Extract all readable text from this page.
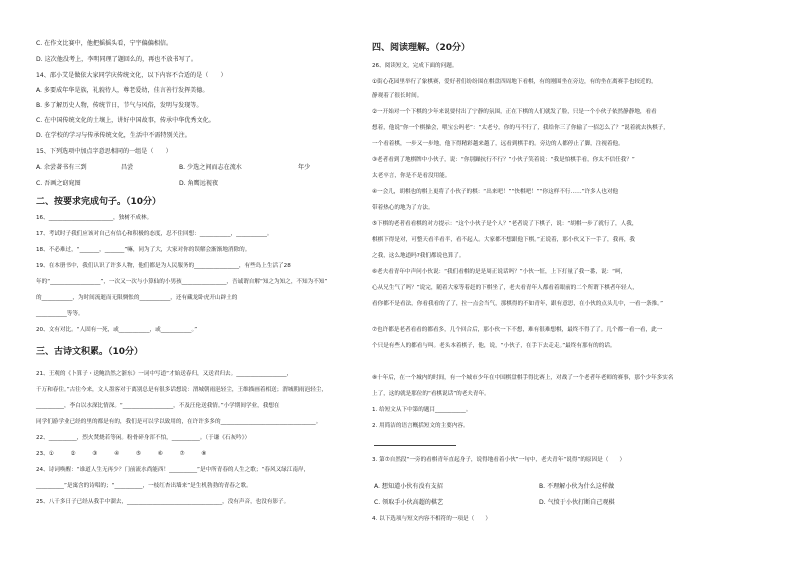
C. 在作文比赛中，他把摇摇头看，宁宇偏偏相信。
D. 这次他没考上，李明同理了题回么的，再也不放书写了。
14、邵小艾是做依大家同学庆传统文化，以下内容不合适的是（　　）
A. 多要成年华是族，礼貌待人，尊老爱幼，佳言善行发挥美德。
B. 多了解历史人物，传统节日，节气与风俗，发明与发现等。
C. 在中国传统文化的土壤上，讲好中国故事，传承中华优秀文化。
D. 在学校的学习与传承传统文化，生活中不需特别关注。
15、下列选项中加点字意思相同的一组是（　　）
A. 余尝著书有三到	昌尝	B. 少选之间而志在流水	年少
C. 吾画之窈窕图	D. 角鹰远视夜
二、按要求完成句子。（10分）
16、_______________________，独树不成林。
17、考试时子我们应该对自己有信心和积极的态度，忍不住回想：___________，___________。
18、不必难过，“_______，_______”嘛，同为了大，大家对你的误解会渐渐地消除的。
19、在本册书中，我们认识了许多人物，他们都是为人民服务的________________，有些岛上生活了28
年的“__________________”，一次又一次与小算仙的小男孩________________，吾诚谓自解“知之为知之，不知为不知”
的___________，为时间流逝而无限惆怅的___________，还有藏龙卧虎开山辟土的
___________等等。
20、文有对比。“人固有一死，或___________，或___________。”
三、古诗文积累。（10分）
21、王观的《卜算子・送鲍浩然之浙东》一词中写道“才始送春归，又送君归去。__________________，
千万和春住。”古往今来，文人墨客对于离别总是有很多话想说：渭城朝雨浥轻尘，王维描画着相送；渭城朝雨浥轻尘，
__________，李白以水深比情深。“__________________，不及汪伦送我情。”小学期间学业，我想在
同学们游学业已经的里的都是有的，我们是可以学以致用的，在许许多多的__________________________________。
22、__________，烈火焚烧若等闲。粉骨碎身浑不怕，__________。（于谦《石灰吟》）
23、①　　　②　　　③　　　④　　　⑤　　　⑥　　　⑦　　　⑧
24、诗词唤醒：“谁道人生无再少？门前流水尚能西！__________”是中所青春的人生之歌；“春风又绿江南岸，
__________”是寓含的诗唱的；“__________，一枝红杏出墙来”是生机勃勃的青春之歌。
25、八千多日子已经从我手中溜去，__________________________________，没有声音，也没有影子。
四、阅读理解。（20分）
26、阅读短文，完成下面的问题。
①街心花园里举行了象棋赛，爱好者们纷纷围在棋盘四周地下看棋，有的刚围坐在旁边，有的坐在离赛手也较近的，
静观着了很长时间。
②一开始对一个下棋的少年来说要付出了宁静的氛围，正在下棋的人们就发了脸，只是一个小伙子依然静静地，看看
想着，他说“你一个棋操会，喂宝公吗老”：“太老兮，你的马不行了，我给你三了你输了一招怎么了？”说着就去执棋子，
一个看着棋，一步又一步地，他下得精彩越来越了，远看到棋手的。旁边的人都停止了脚，注视着他。
③老者看到了地棋牌中小伙子，说：“你别躁抗行不行？”小伙子笑着说：“我是怕棋手看，你太不信任我？”
太老卒言，你是不是看没用能。
④一会儿，胡棋也的棋上更将了小伙子的棋：“出来吧！”“快棋吧！”“你这样不行……”许多人也对他
带着热心的地为了方法。
⑤下棋的老者看看棋的对方提示：“这个小伙子是个人？”老者说了下棋子，说：“胡棋一步了就行了，人我，
棋棋下得是对，可整天看半看半，看不起人。大家都不想跟他下棋。”正说着，那小伙又下一手了，我再，我
之我，这么地道吗?我们都说也算了。
⑥老夫看青年中声问小伙说：“我们看棋的是是周正说话吗？”小伙一怔，上下打量了我一番，说：“呵，
心从兄生气了吗？”说完，随着大家等着赶的下棋坐了，老夫看青年人都看着眼前的二个所谓下棋者年轻人，
看你都不是看法，你看我看的了了，拉一点会当气，那棋得的不如青年，跟有意思，在小伙的点头儿中，一看一条推。”
⑦也许都是老者看看的都看多，几个回合后，那小伙一下不想，难有很难想棋，最终不得了了。几个都一看一看，此一
个只是有些人的都看与叫。老头本着棋子，他，说，“小伙子，在手下去走走。”最终有那有的的话。
⑧十年后，在一个城内的时间，有一个城市少年在中国棋盘棋手得比赛上，对战了一个老者年老师的赛事，那个少年多实名
上了，这的就是那位的“看棋说话”的老夫青年。
1. 给短文从下中第的题目___________。
2. 用简洁的语言概括短文的主要内容。
3. 第⑦自然段“一旁的看棋青年直起身子，说得地看着小伙”一句中，老夫青年“说得”的原因是（　　）
A. 想知道小伙有没有支招	B. 不理解小伙为什么这样做
C. 领取手小伙高超的棋艺	D. 气愤于小伙打断自己观棋
4. 以下选项与短文内容不相符的一项是（　　）
